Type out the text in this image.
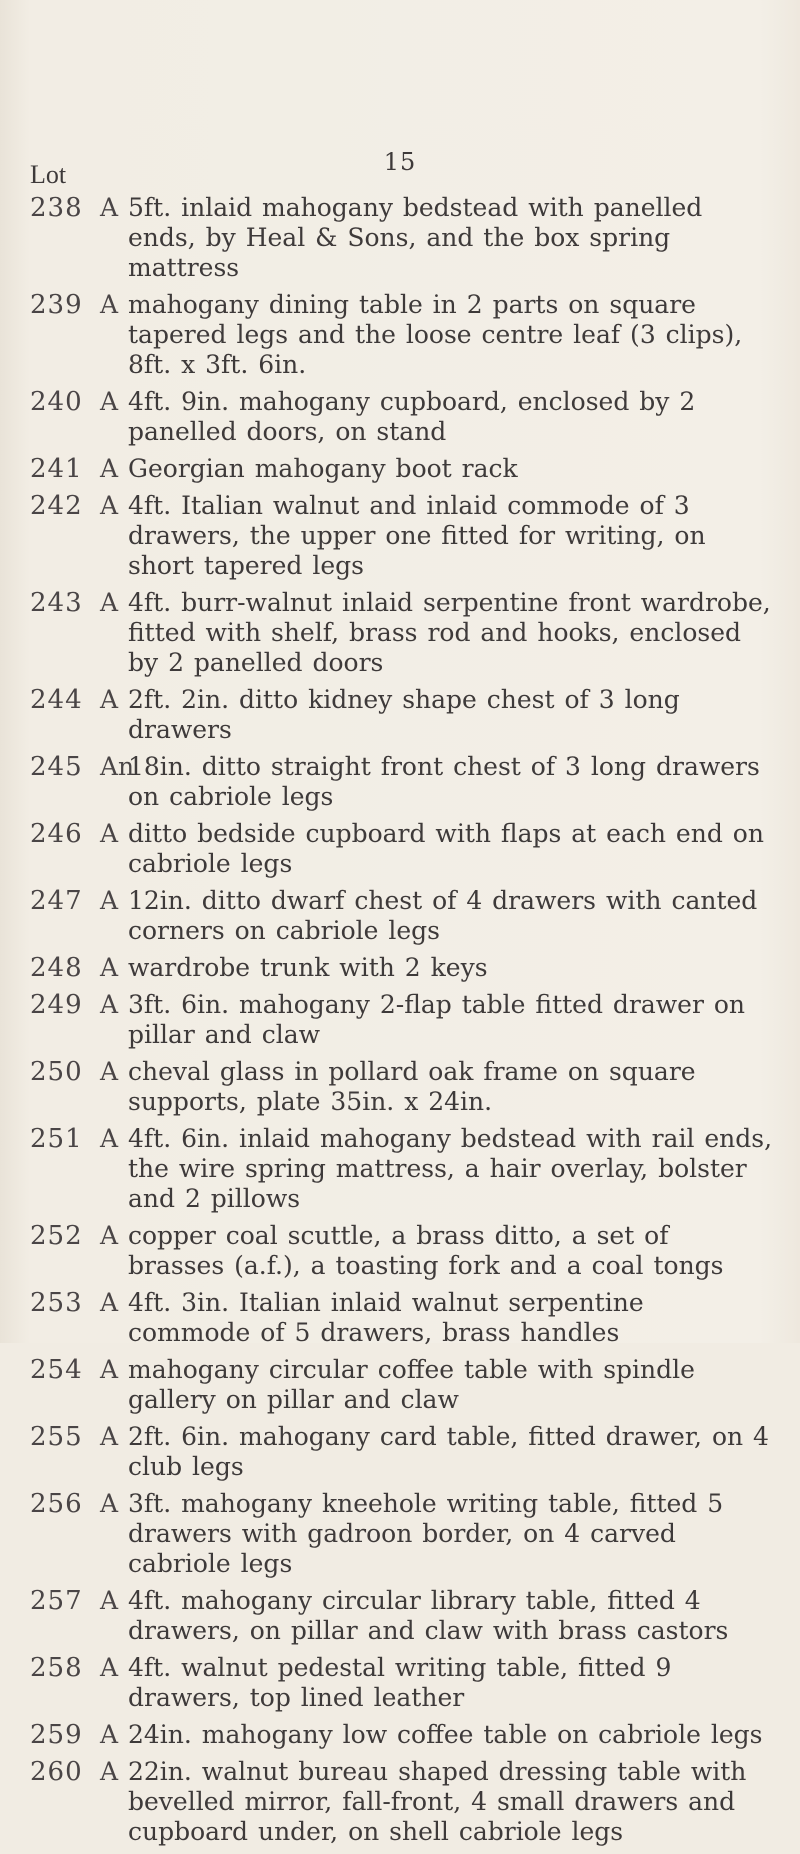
15
Lot
238 A 5ft. inlaid mahogany bedstead with panelled ends, by Heal & Sons, and the box spring mattress
239 A mahogany dining table in 2 parts on square tapered legs and the loose centre leaf (3 clips), 8ft. x 3ft. 6in.
240 A 4ft. 9in. mahogany cupboard, enclosed by 2 panelled doors, on stand
241 A Georgian mahogany boot rack
242 A 4ft. Italian walnut and inlaid commode of 3 drawers, the upper one fitted for writing, on short tapered legs
243 A 4ft. burr-walnut inlaid serpentine front wardrobe, fitted with shelf, brass rod and hooks, enclosed by 2 panelled doors
244 A 2ft. 2in. ditto kidney shape chest of 3 long drawers
245 An
18in. ditto straight front chest of 3 long drawers on cabriole legs
246 A ditto bedside cupboard with flaps at each end on cabriole legs
247 A 12in. ditto dwarf chest of 4 drawers with canted corners on cabriole legs
248 A wardrobe trunk with 2 keys
249 A 3ft. 6in. mahogany 2-flap table fitted drawer on pillar and claw
250 A cheval glass in pollard oak frame on square supports, plate 35in. x 24in.
251 A 4ft. 6in. inlaid mahogany bedstead with rail ends, the wire spring mattress, a hair overlay, bolster and 2 pillows
252 A copper coal scuttle, a brass ditto, a set of brasses (a.f.), a toasting fork and a coal tongs
253 A 4ft. 3in. Italian inlaid walnut serpentine commode of 5 drawers, brass handles
254 A mahogany circular coffee table with spindle gallery on pillar and claw
255 A 2ft. 6in. mahogany card table, fitted drawer, on 4 club legs
256 A 3ft. mahogany kneehole writing table, fitted 5 drawers with gadroon border, on 4 carved cabriole legs
257 A 4ft. mahogany circular library table, fitted 4 drawers, on pillar and claw with brass castors
258 A 4ft. walnut pedestal writing table, fitted 9 drawers, top lined leather
259 A 24in. mahogany low coffee table on cabriole legs
260 A 22in. walnut bureau shaped dressing table with bevelled mirror, fall-front, 4 small drawers and cupboard under, on shell cabriole legs
